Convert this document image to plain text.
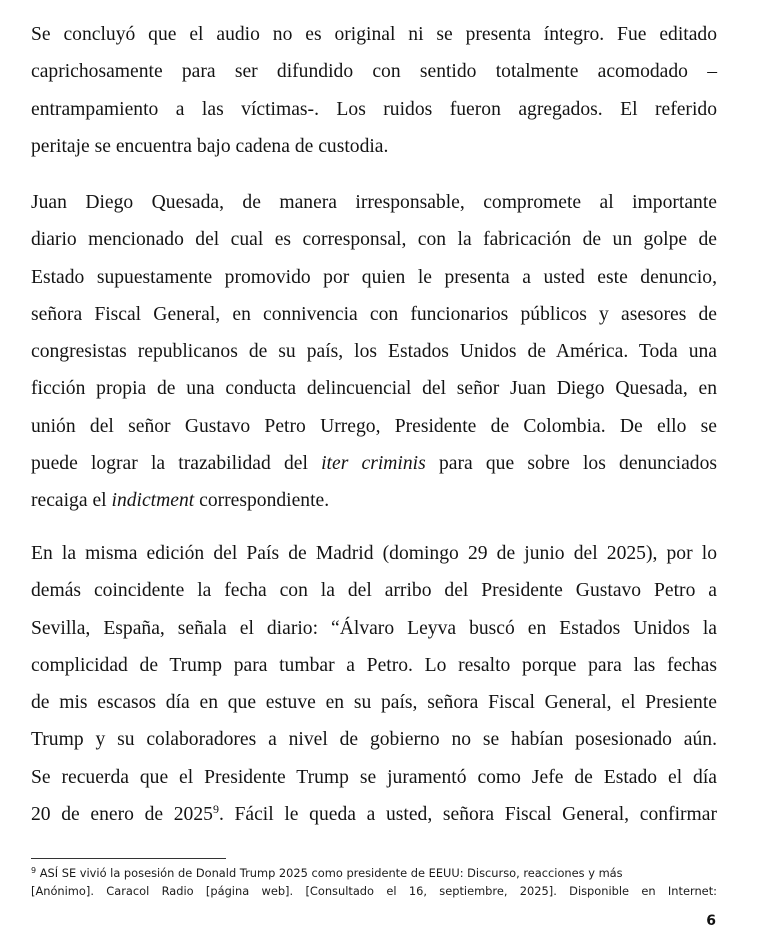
Se concluyó que el audio no es original ni se presenta íntegro. Fue editado
caprichosamente para ser difundido con sentido totalmente acomodado –
entrampamiento a las víctimas-. Los ruidos fueron agregados. El referido
peritaje se encuentra bajo cadena de custodia.

Juan Diego Quesada, de manera irresponsable, compromete al importante
diario mencionado del cual es corresponsal, con la fabricación de un golpe de
Estado supuestamente promovido por quien le presenta a usted este denuncio,
señora Fiscal General, en connivencia con funcionarios públicos y asesores de
congresistas republicanos de su país, los Estados Unidos de América. Toda una
ficción propia de una conducta delincuencial del señor Juan Diego Quesada, en
unión del señor Gustavo Petro Urrego, Presidente de Colombia. De ello se
puede lograr la trazabilidad del iter criminis para que sobre los denunciados
recaiga el indictment correspondiente.

En la misma edición del País de Madrid (domingo 29 de junio del 2025), por lo
demás coincidente la fecha con la del arribo del Presidente Gustavo Petro a
Sevilla, España, señala el diario: “Álvaro Leyva buscó en Estados Unidos la
complicidad de Trump para tumbar a Petro. Lo resalto porque para las fechas
de mis escasos día en que estuve en su país, señora Fiscal General, el Presiente
Trump y su colaboradores a nivel de gobierno no se habían posesionado aún.
Se recuerda que el Presidente Trump se juramentó como Jefe de Estado el día
20 de enero de 2025$^9$. Fácil le queda a usted, señora Fiscal General, confirmar

$^9$ ASÍ SE vivió la posesión de Donald Trump 2025 como presidente de EEUU: Discurso, reacciones y más
[Anónimo]. Caracol Radio [página web]. [Consultado el 16, septiembre, 2025]. Disponible en Internet:
6
